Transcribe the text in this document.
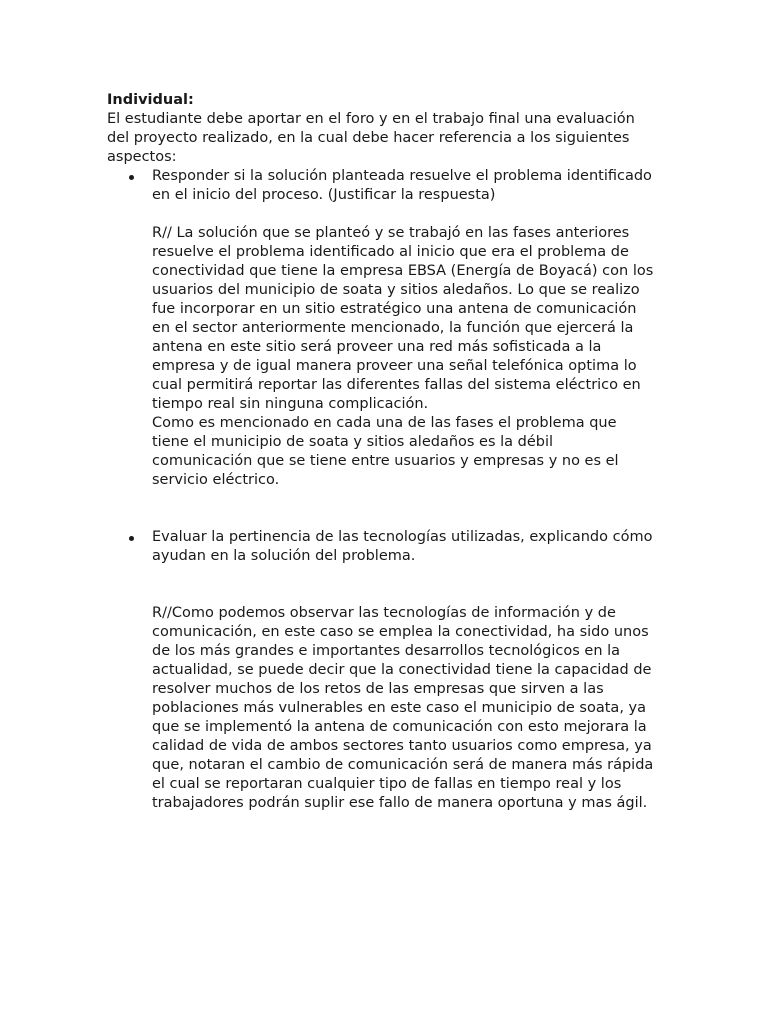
Individual:

El estudiante debe aportar en el foro y en el trabajo final una evaluación del proyecto realizado, en la cual debe hacer referencia a los siguientes aspectos:

Responder si la solución planteada resuelve el problema identificado en el inicio del proceso. (Justificar la respuesta)

R// La solución que se planteó y se trabajó en las fases anteriores resuelve el problema identificado al inicio que era el problema de conectividad que tiene la empresa EBSA (Energía de Boyacá) con los usuarios del municipio de soata y sitios aledaños. Lo que se realizo fue incorporar en un sitio estratégico una antena de comunicación en el sector anteriormente mencionado, la función que ejercerá la antena en este sitio será proveer una red más sofisticada a la empresa y de igual manera proveer una señal telefónica optima lo cual permitirá reportar las diferentes fallas del sistema eléctrico en tiempo real sin ninguna complicación.

Como es mencionado en cada una de las fases el problema que tiene el municipio de soata y sitios aledaños es la débil comunicación que se tiene entre usuarios y empresas y no es el servicio eléctrico.

Evaluar la pertinencia de las tecnologías utilizadas, explicando cómo ayudan en la solución del problema.

R//Como podemos observar las tecnologías de información y de comunicación, en este caso se emplea la conectividad, ha sido unos de los más grandes e importantes desarrollos tecnológicos en la actualidad, se puede decir que la conectividad tiene la capacidad de resolver muchos de los retos de las empresas que sirven a las poblaciones más vulnerables en este caso el municipio de soata, ya que se implementó la antena de comunicación con esto mejorara la calidad de vida de ambos sectores tanto usuarios como empresa, ya que, notaran el cambio de comunicación será de manera más rápida el cual se reportaran cualquier tipo de fallas en tiempo real y los trabajadores podrán suplir ese fallo de manera oportuna y mas ágil.
